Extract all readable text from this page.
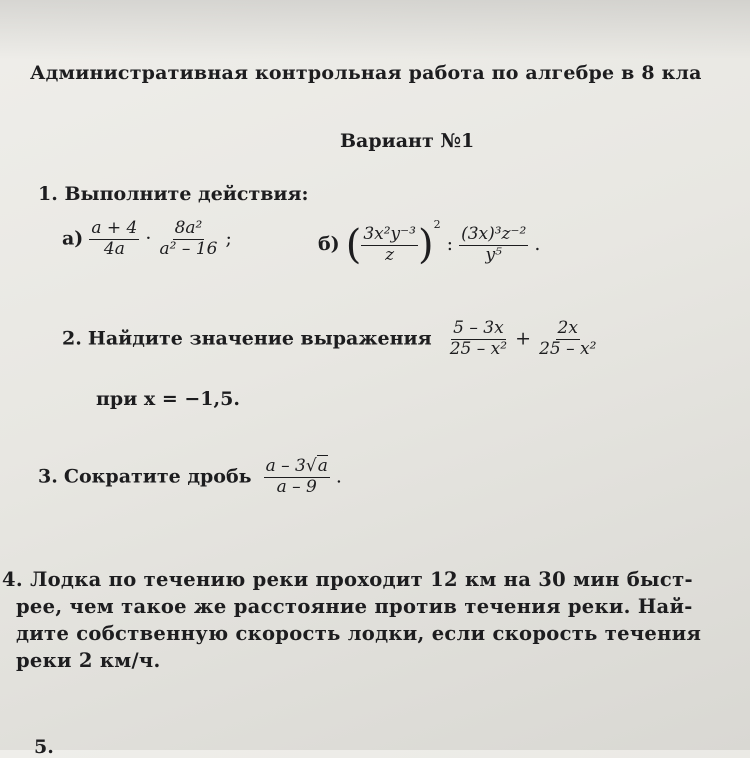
Административная контрольная работа по алгебре в 8 кла
Вариант №1
1. Выполните действия:
$а) \frac{a + 4}{4a} \cdot \frac{\text{8a²}}{\text{a² – 16}}$ ;	б) ( $\frac{\text{3x²y⁻³}}{z} )^2$ : $\frac{\text{(3x)³z⁻²}}{\text{y⁵}}$ .
2. Найдите значение выражения $\frac{5 - 3x}{\text{25 – x²}} + \frac{2x}{\text{25 – x²}}$
при x = −1,5.
3. Сократите дробь $\frac{a - 3√a}{a - 9}$ .
4. Лодка по течению реки проходит 12 км на 30 мин быст-
рее, чем такое же расстояние против течения реки. Най-
дите собственную скорость лодки, если скорость течения
реки 2 км/ч.
5.
